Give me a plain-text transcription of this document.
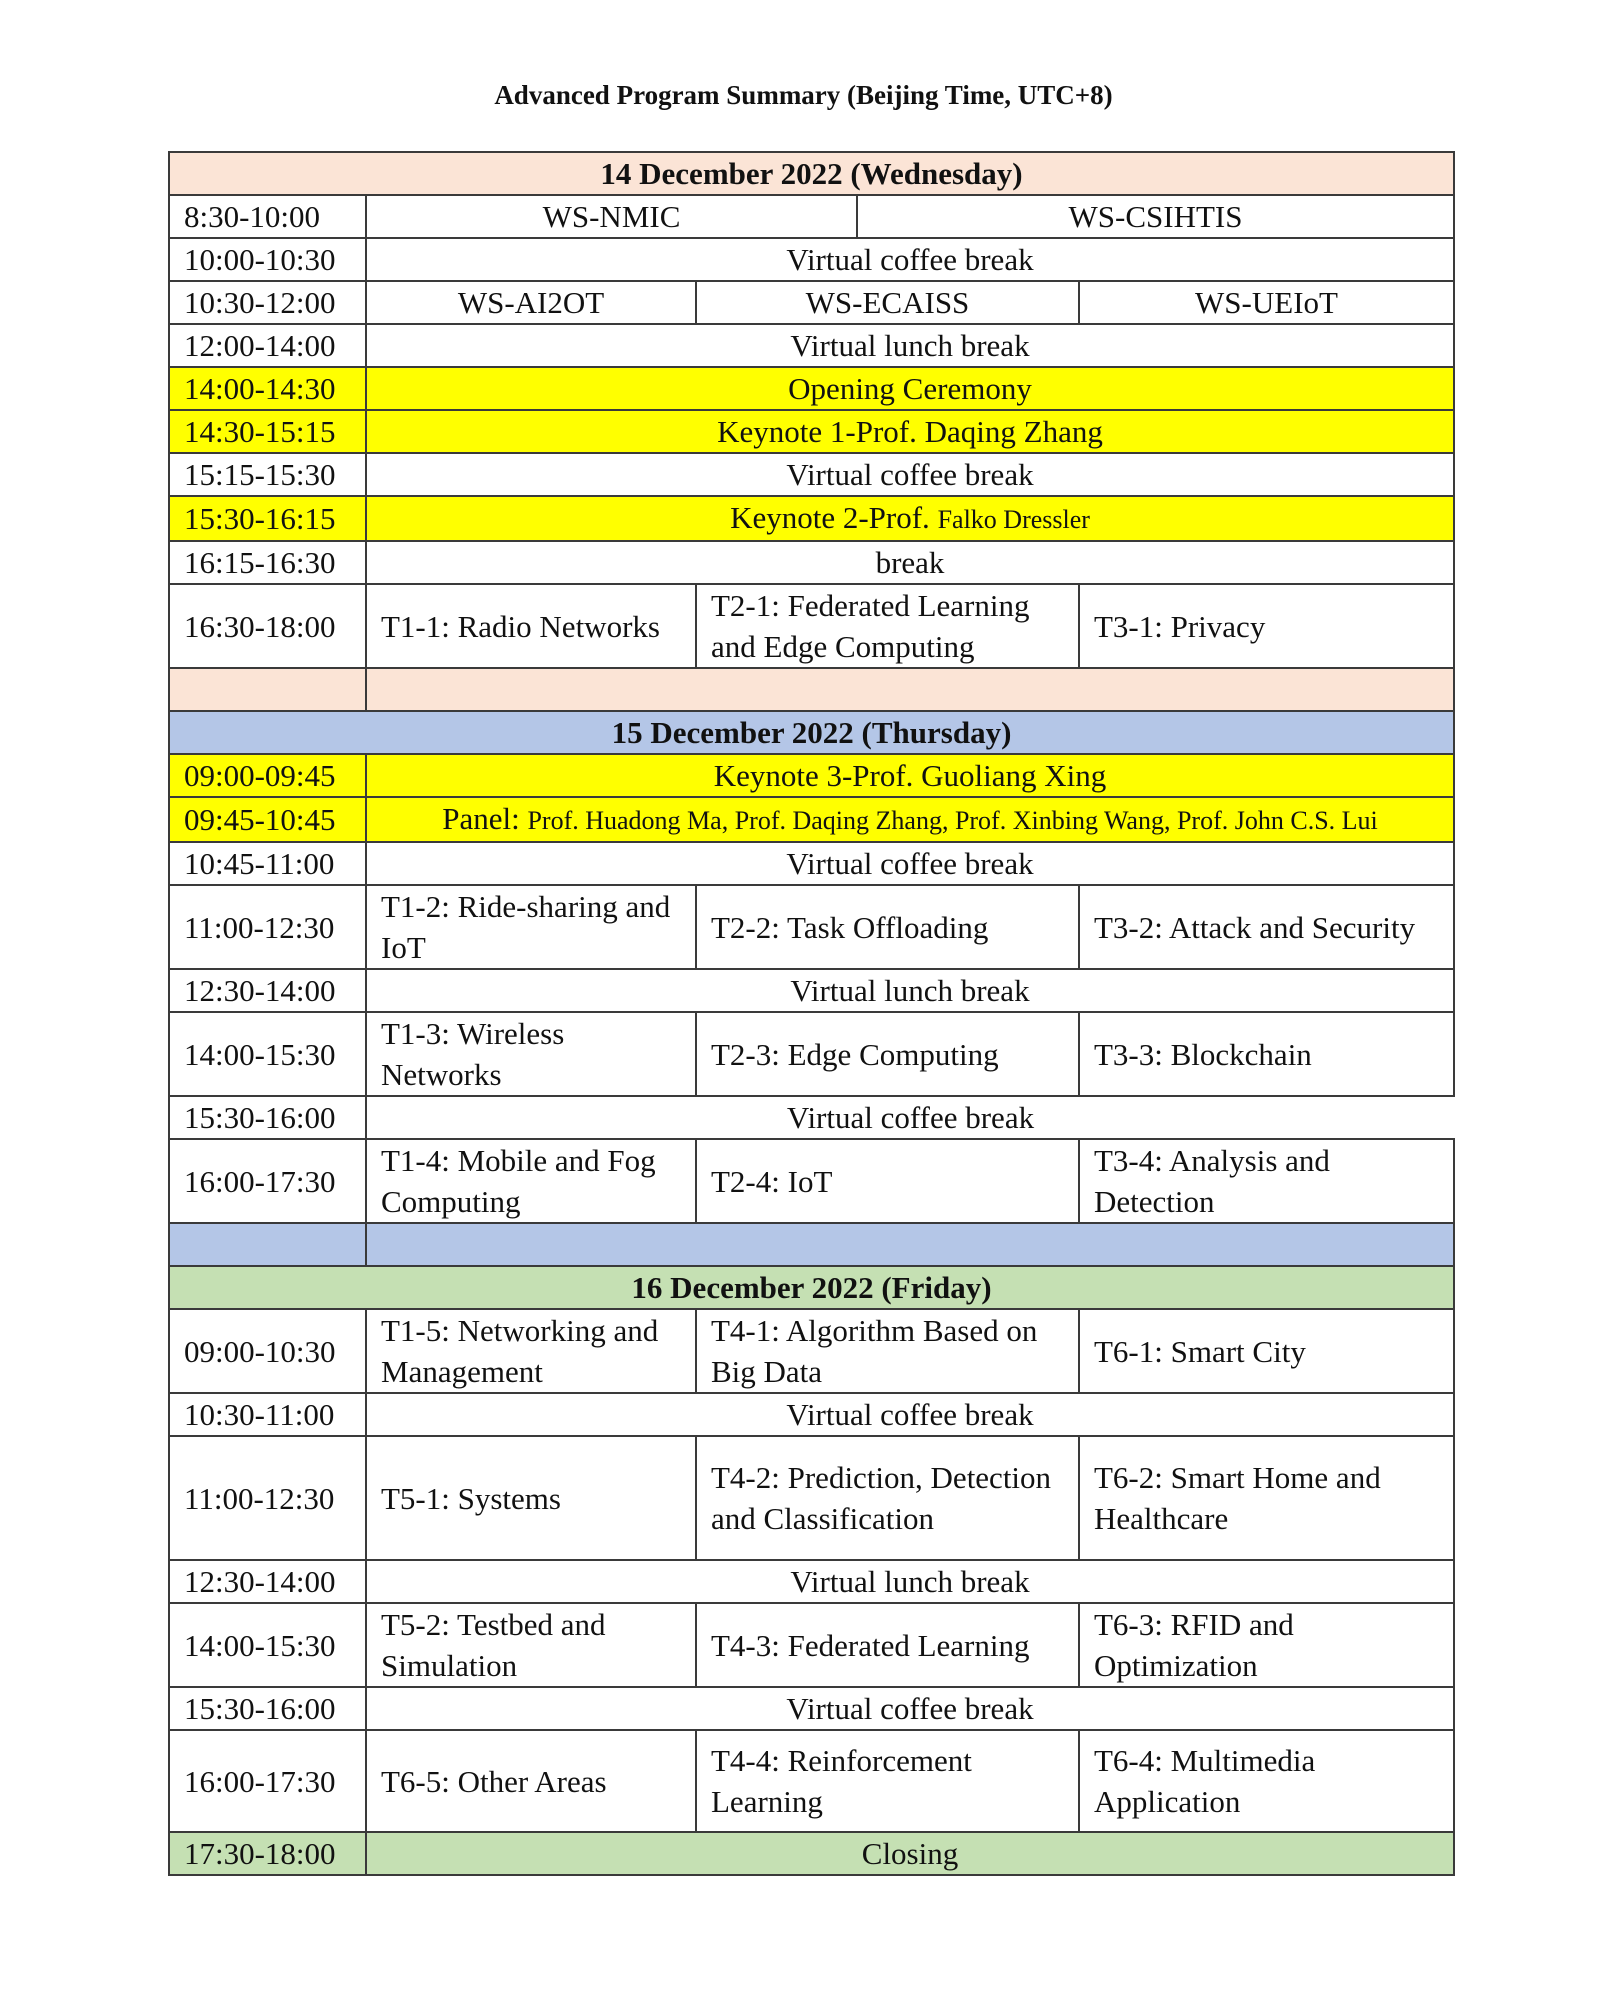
Advanced Program Summary (Beijing Time, UTC+8)
14 December 2022 (Wednesday)				
8:30-10:00	WS-NMIC		WS-CSIHTIS	
10:00-10:30	Virtual coffee break			
10:30-12:00	WS-AI2OT	WS-ECAISS		WS-UEIoT
12:00-14:00	Virtual lunch break			
14:00-14:30	Opening Ceremony			
14:30-15:15	Keynote 1-Prof. Daqing Zhang			
15:15-15:30	Virtual coffee break			
15:30-16:15	Keynote 2-Prof. Falko Dressler			
16:15-16:30	break			
16:30-18:00	T1-1: Radio Networks	T2-1: Federated Learning and Edge Computing		T3-1: Privacy

15 December 2022 (Thursday)				
09:00-09:45	Keynote 3-Prof. Guoliang Xing			
09:45-10:45	Panel: Prof. Huadong Ma, Prof. Daqing Zhang, Prof. Xinbing Wang, Prof. John C.S. Lui			
10:45-11:00	Virtual coffee break			
11:00-12:30	T1-2: Ride-sharing and IoT	T2-2: Task Offloading		T3-2: Attack and Security
12:30-14:00	Virtual lunch break			
14:00-15:30	T1-3: Wireless Networks	T2-3: Edge Computing		T3-3: Blockchain
15:30-16:00	Virtual coffee break			
16:00-17:30	T1-4: Mobile and Fog Computing	T2-4: IoT		T3-4: Analysis and Detection

16 December 2022 (Friday)				
09:00-10:30	T1-5: Networking and Management	T4-1: Algorithm Based on Big Data		T6-1: Smart City
10:30-11:00	Virtual coffee break			
11:00-12:30	T5-1: Systems	T4-2: Prediction, Detection and Classification		T6-2: Smart Home and Healthcare
12:30-14:00	Virtual lunch break			
14:00-15:30	T5-2: Testbed and Simulation	T4-3: Federated Learning		T6-3: RFID and Optimization
15:30-16:00	Virtual coffee break			
16:00-17:30	T6-5: Other Areas	T4-4: Reinforcement Learning		T6-4: Multimedia Application
17:30-18:00	Closing			
